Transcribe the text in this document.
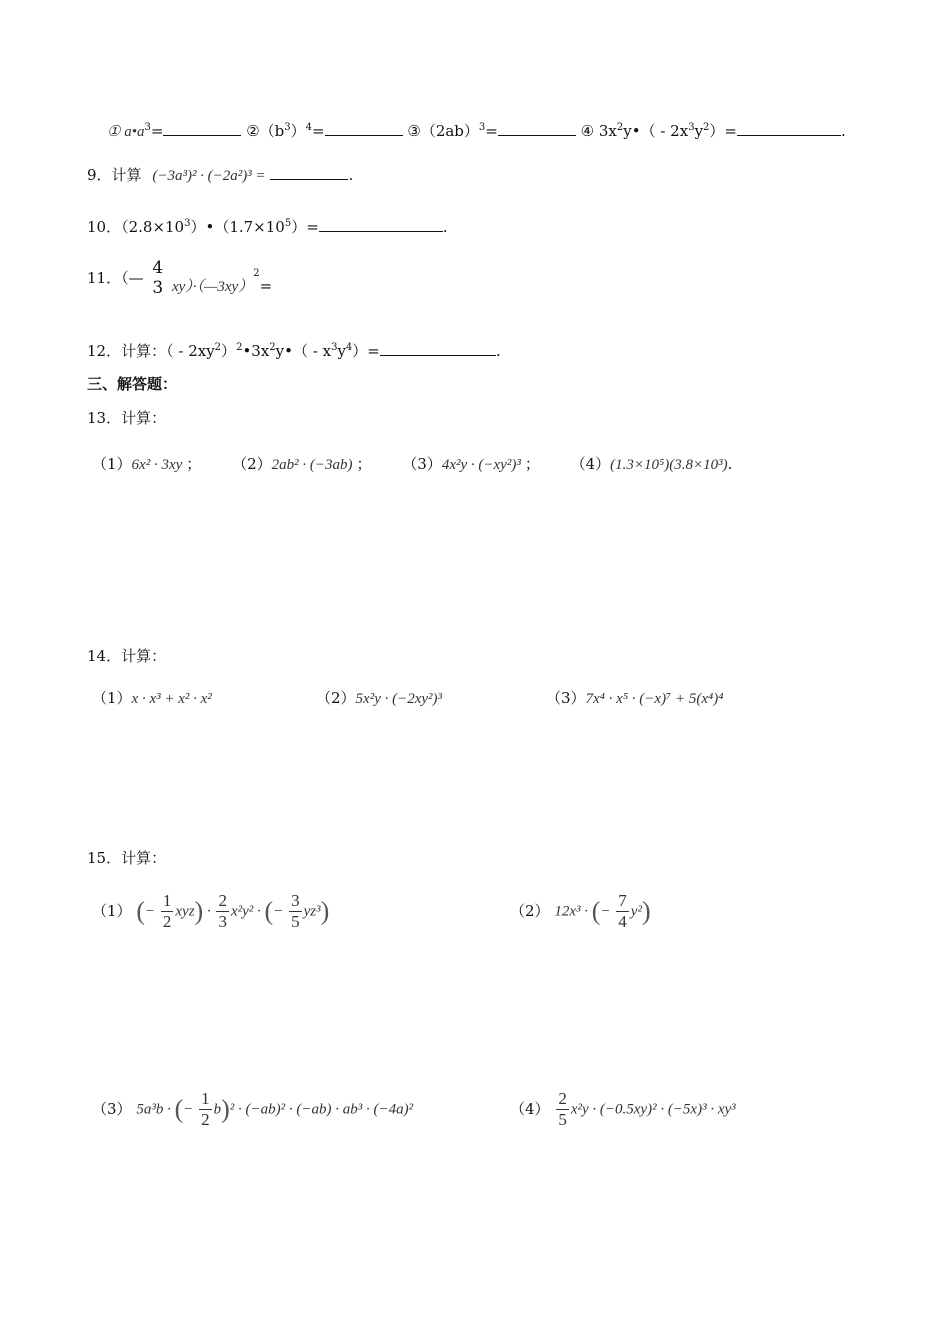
① $a•a^3=$	$②(b^3)^4=$	$③(2ab)^3=$	④ $3x^2y•( - 2x^3y^2)=$	.
9．计算 (−3a³)² · (−2a²)³ =	.
10．$(2.8\times 10^3)•(1.7\times 10^5)=$	.
11．（— 4
3 xy）·（—3xy）$^2$=
12．计算：（ - $2xy^2)^2•3x^2y•( - x^3y^4)=$	.
三、解答题：
13．计算：
（1）6x² · 3xy ； （2）2ab² · (−3ab) ； （3）4x²y · (−xy²)³ ； （4）(1.3×10⁵)(3.8×10³).
14．计算：
（1）x · x³ + x² · x²	（2）5x²y · (−2xy²)³	（3）7x⁴ · x⁵ · (−x)⁷ + 5(x⁴)⁴
15．计算：
（1） (− $\frac{1}{2} xyz) \cdot \frac{2}{3} x^2y^2$ · (− $\frac{3}{5} yz^3$)	（2） 12x³ · (− $\frac{7}{4} y^2$)
（3） 5a³b · (− $\frac{1}{2} b)^2 \cdot (-ab)^2 \cdot (-ab) \cdot ab^3 \cdot (-4a)^2$	$(4) \frac{2}{5} x^2y \cdot (-0.5xy)^2 \cdot (-5x)^3 \cdot xy^3$
